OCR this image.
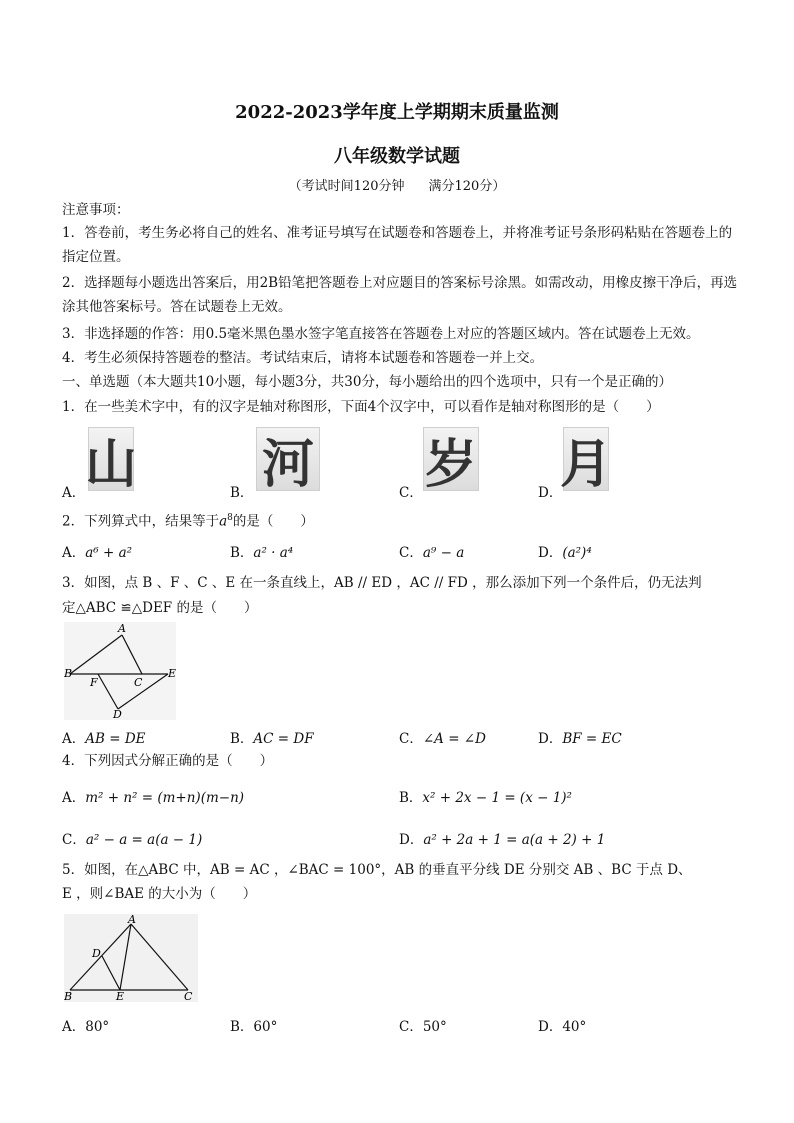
2022-2023学年度上学期期末质量监测
八年级数学试题
（考试时间120分钟 满分120分）
注意事项：
1．答卷前，考生务必将自己的姓名、准考证号填写在试题卷和答题卷上，并将准考证号条形码粘贴在答题卷上的指定位置。
2．选择题每小题选出答案后，用2B铅笔把答题卷上对应题目的答案标号涂黑。如需改动，用橡皮擦干净后，再选涂其他答案标号。答在试题卷上无效。
3．非选择题的作答：用0.5毫米黑色墨水签字笔直接答在答题卷上对应的答题区域内。答在试题卷上无效。
4．考生必须保持答题卷的整洁。考试结束后，请将本试题卷和答题卷一并上交。
一、单选题（本大题共10小题，每小题3分，共30分，每小题给出的四个选项中，只有一个是正确的）
1．在一些美术字中，有的汉字是轴对称图形，下面4个汉字中，可以看作是轴对称图形的是（　　）
山 河 岁 月
A．	B．	C．	D．
2．下列算式中，结果等于$a^8$的是（　　）
A．a⁶ + a²	B．a² · a⁴	C．a⁹ − a	D．(a²)⁴
3．如图，点 B 、F 、C 、E 在一条直线上，AB // ED ，AC // FD ，那么添加下列一个条件后，仍无法判
定△ABC ≌△DEF 的是（　　）
A
B
F	C
E
D
A．AB = DE	B．AC = DF	C．∠A = ∠D	D．BF = EC
4．下列因式分解正确的是（　　）
A．m² + n² = (m+n)(m−n)	B．x² + 2x − 1 = (x − 1)²
C．a² − a = a(a − 1)	D．a² + 2a + 1 = a(a + 2) + 1
5．如图，在△ABC 中，AB = AC ，∠BAC = 100°，AB 的垂直平分线 DE 分别交 AB 、BC 于点 D、
E ，则∠BAE 的大小为（　　）
A
D
B	E	C
A．80°	B．60°	C．50°	D．40°
